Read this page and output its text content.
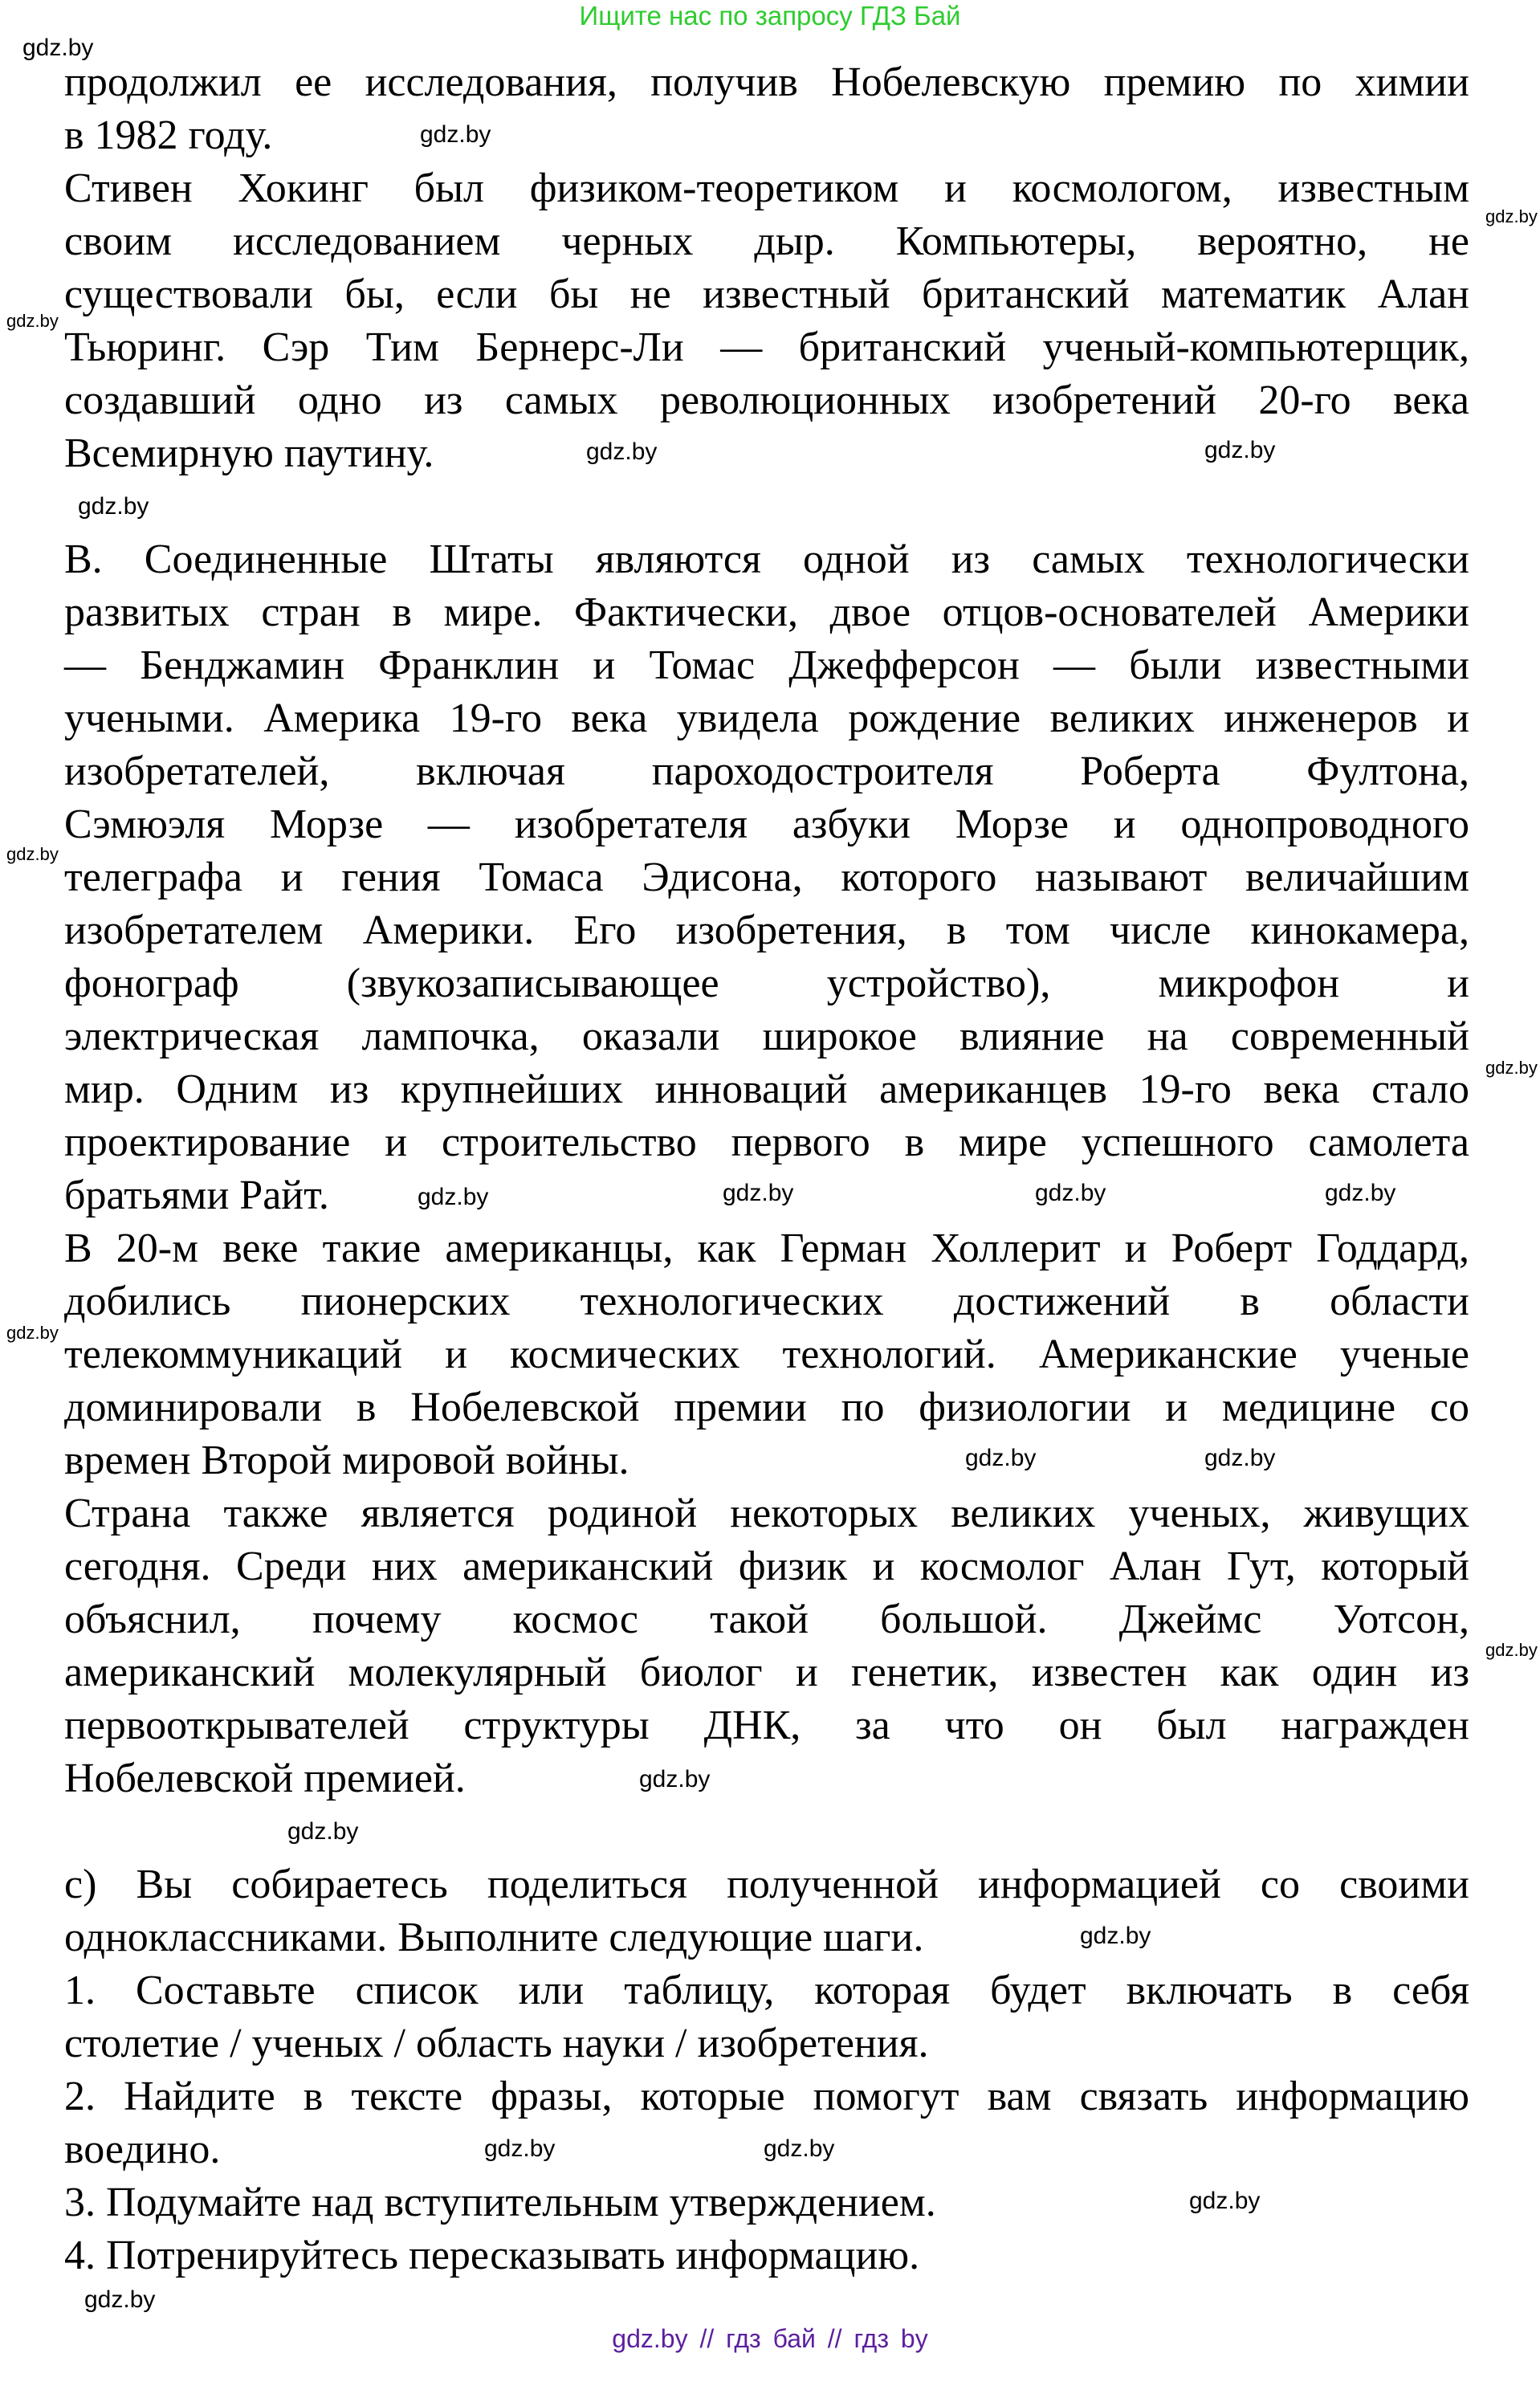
Ищите нас по запросу ГДЗ Бай
продолжил ее исследования, получив Нобелевскую премию по химии
в 1982 году.
Стивен Хокинг был физиком-теоретиком и космологом, известным
своим исследованием черных дыр. Компьютеры, вероятно, не
существовали бы, если бы не известный британский математик Алан
Тьюринг. Сэр Тим Бернерс-Ли — британский ученый-компьютерщик,
создавший одно из самых революционных изобретений 20-го века
Всемирную паутину.
B. Соединенные Штаты являются одной из самых технологически
развитых стран в мире. Фактически, двое отцов-основателей Америки
— Бенджамин Франклин и Томас Джефферсон — были известными
учеными. Америка 19-го века увидела рождение великих инженеров и
изобретателей, включая пароходостроителя Роберта Фултона,
Сэмюэля Морзе — изобретателя азбуки Морзе и однопроводного
телеграфа и гения Томаса Эдисона, которого называют величайшим
изобретателем Америки. Его изобретения, в том числе кинокамера,
фонограф (звукозаписывающее устройство), микрофон и
электрическая лампочка, оказали широкое влияние на современный
мир. Одним из крупнейших инноваций американцев 19-го века стало
проектирование и строительство первого в мире успешного самолета
братьями Райт.
В 20-м веке такие американцы, как Герман Холлерит и Роберт Годдард,
добились пионерских технологических достижений в области
телекоммуникаций и космических технологий. Американские ученые
доминировали в Нобелевской премии по физиологии и медицине со
времен Второй мировой войны.
Страна также является родиной некоторых великих ученых, живущих
сегодня. Среди них американский физик и космолог Алан Гут, который
объяснил, почему космос такой большой. Джеймс Уотсон,
американский молекулярный биолог и генетик, известен как один из
первооткрывателей структуры ДНК, за что он был награжден
Нобелевской премией.
c) Вы собираетесь поделиться полученной информацией со своими
одноклассниками. Выполните следующие шаги.
1. Составьте список или таблицу, которая будет включать в себя
столетие / ученых / область науки / изобретения.
2. Найдите в тексте фразы, которые помогут вам связать информацию
воедино.
3. Подумайте над вступительным утверждением.
4. Потренируйтесь пересказывать информацию.
gdz.by
gdz.by
gdz.by
gdz.by
gdz.by
gdz.by
gdz.by
gdz.by
gdz.by
gdz.by
gdz.by
gdz.by
gdz.by	gdz.by
gdz.by
gdz.by
gdz.by
gdz.by
gdz.by
gdz.by
gdz.by
gdz.by
gdz.by
gdz.by
gdz.by // гдз бай // гдз by
